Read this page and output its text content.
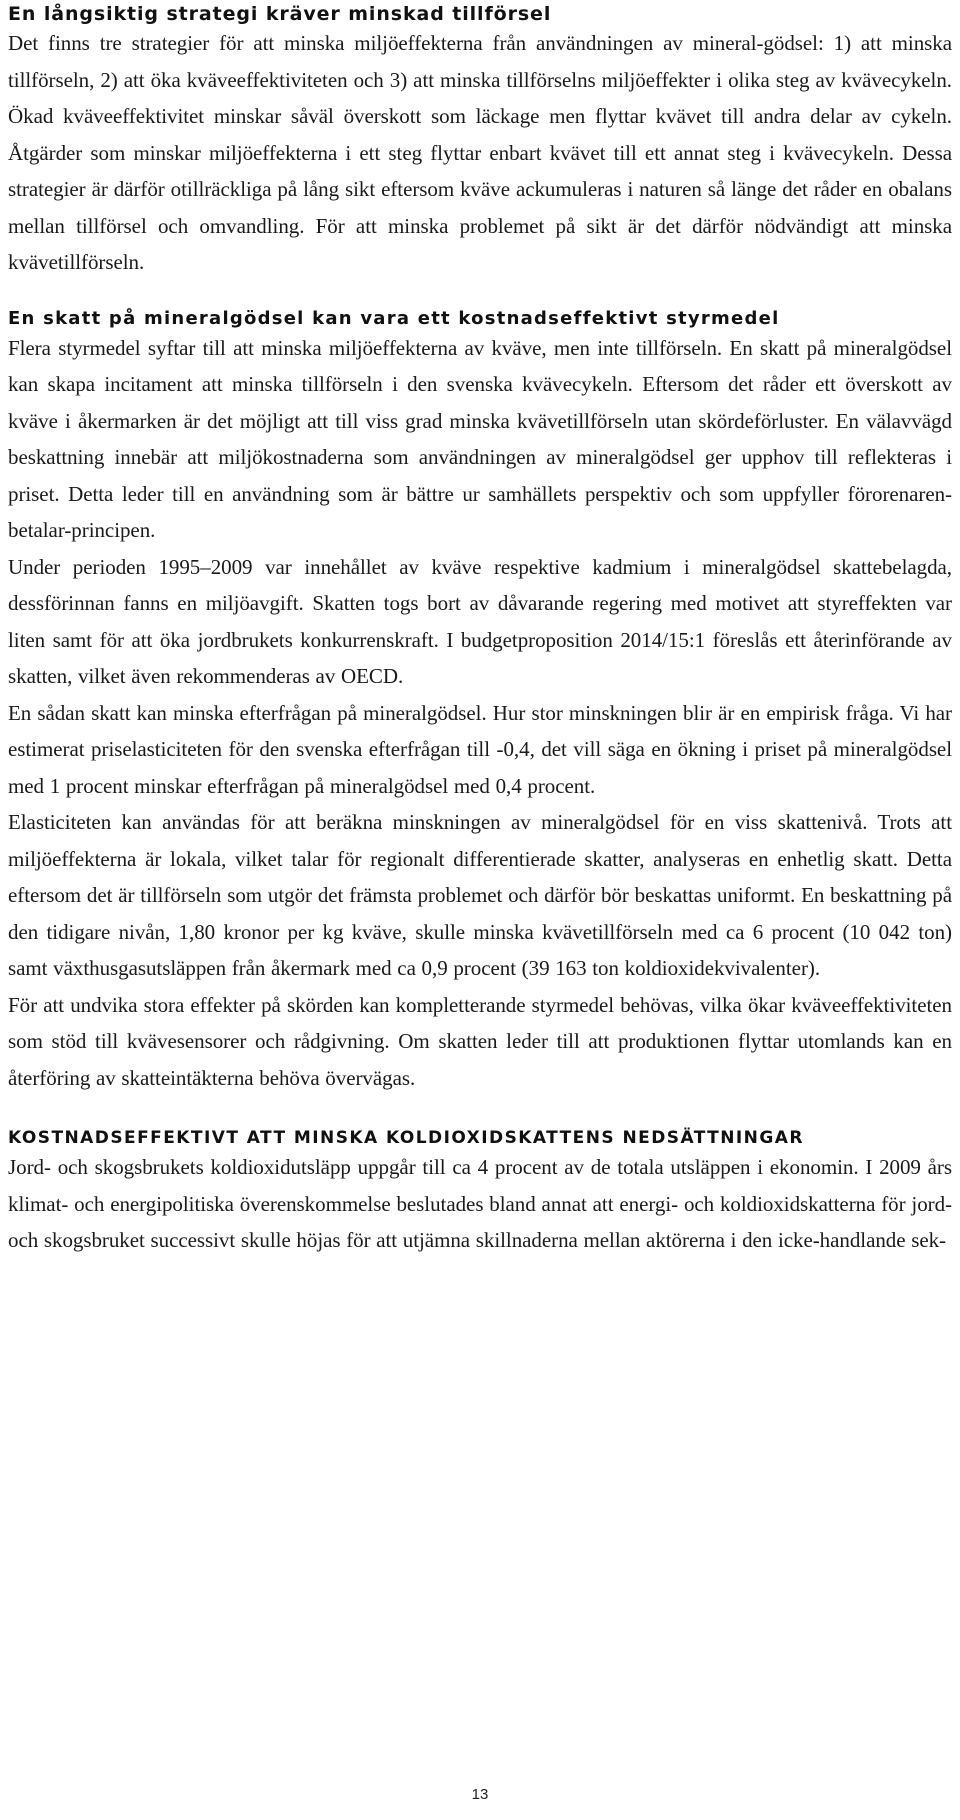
En långsiktig strategi kräver minskad tillförsel

Det finns tre strategier för att minska miljöeffekterna från användningen av mineral-gödsel: 1) att minska tillförseln, 2) att öka kväveeffektiviteten och 3) att minska tillförselns miljöeffekter i olika steg av kvävecykeln. Ökad kväveeffektivitet minskar såväl överskott som läckage men flyttar kvävet till andra delar av cykeln. Åtgärder som minskar miljöeffekterna i ett steg flyttar enbart kvävet till ett annat steg i kvävecykeln. Dessa strategier är därför otillräckliga på lång sikt eftersom kväve ackumuleras i naturen så länge det råder en obalans mellan tillförsel och omvandling. För att minska problemet på sikt är det därför nödvändigt att minska kvävetillförseln.

En skatt på mineralgödsel kan vara ett kostnadseffektivt styrmedel

Flera styrmedel syftar till att minska miljöeffekterna av kväve, men inte tillförseln. En skatt på mineralgödsel kan skapa incitament att minska tillförseln i den svenska kvävecykeln. Eftersom det råder ett överskott av kväve i åkermarken är det möjligt att till viss grad minska kvävetillförseln utan skördeförluster. En välavvägd beskattning innebär att miljökostnaderna som användningen av mineralgödsel ger upphov till reflekteras i priset. Detta leder till en användning som är bättre ur samhällets perspektiv och som uppfyller förorenaren-betalar-principen.

Under perioden 1995–2009 var innehållet av kväve respektive kadmium i mineralgödsel skattebelagda, dessförinnan fanns en miljöavgift. Skatten togs bort av dåvarande regering med motivet att styreffekten var liten samt för att öka jordbrukets konkurrenskraft. I budgetproposition 2014/15:1 föreslås ett återinförande av skatten, vilket även rekommenderas av OECD.

En sådan skatt kan minska efterfrågan på mineralgödsel. Hur stor minskningen blir är en empirisk fråga. Vi har estimerat priselasticiteten för den svenska efterfrågan till -0,4, det vill säga en ökning i priset på mineralgödsel med 1 procent minskar efterfrågan på mineralgödsel med 0,4 procent.

Elasticiteten kan användas för att beräkna minskningen av mineralgödsel för en viss skattenivå. Trots att miljöeffekterna är lokala, vilket talar för regionalt differentierade skatter, analyseras en enhetlig skatt. Detta eftersom det är tillförseln som utgör det främsta problemet och därför bör beskattas uniformt. En beskattning på den tidigare nivån, 1,80 kronor per kg kväve, skulle minska kvävetillförseln med ca 6 procent (10 042 ton) samt växthusgasutsläppen från åkermark med ca 0,9 procent (39 163 ton koldioxidekvivalenter).

För att undvika stora effekter på skörden kan kompletterande styrmedel behövas, vilka ökar kväveeffektiviteten som stöd till kvävesensorer och rådgivning. Om skatten leder till att produktionen flyttar utomlands kan en återföring av skatteintäkterna behöva övervägas.

KOSTNADSEFFEKTIVT ATT MINSKA KOLDIOXIDSKATTENS NEDSÄTTNINGAR

Jord- och skogsbrukets koldioxidutsläpp uppgår till ca 4 procent av de totala utsläppen i ekonomin. I 2009 års klimat- och energipolitiska överenskommelse beslutades bland annat att energi- och koldioxidskatterna för jord- och skogsbruket successivt skulle höjas för att utjämna skillnaderna mellan aktörerna i den icke-handlande sek-

13
